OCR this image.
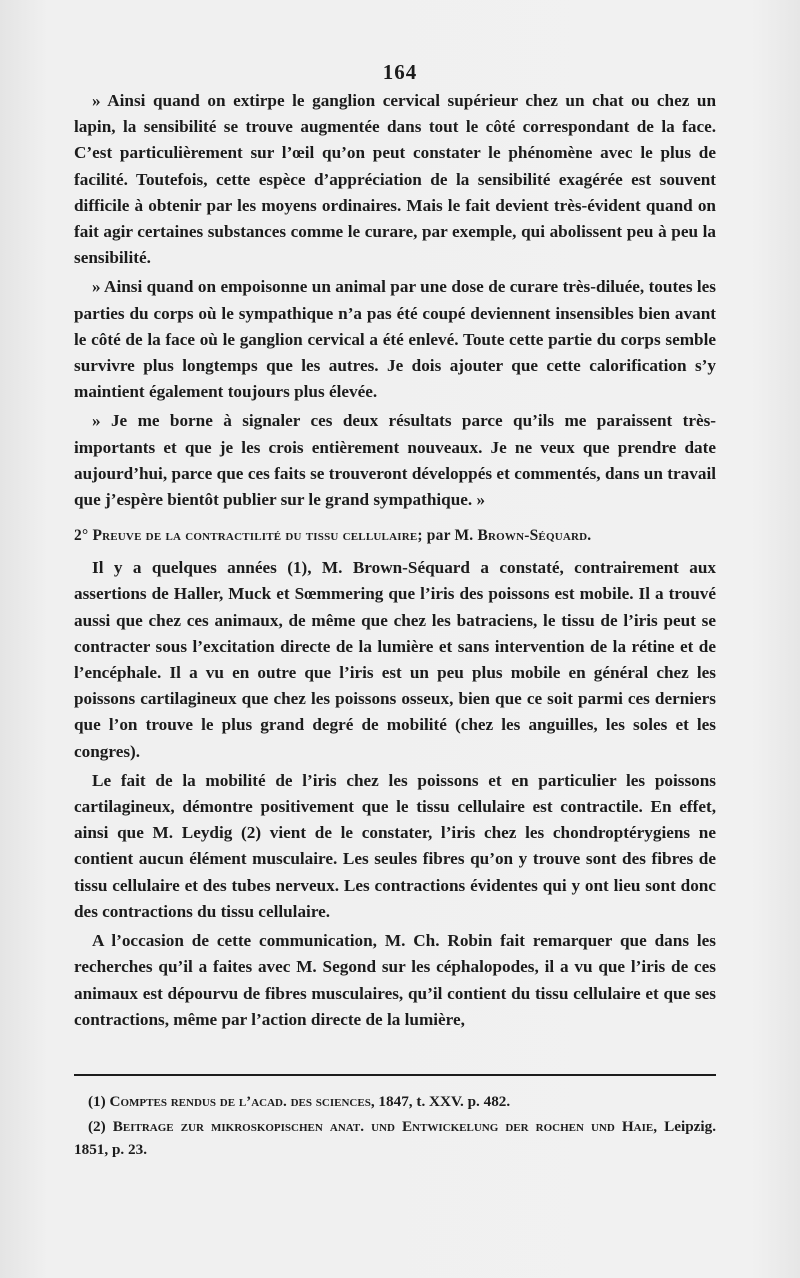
164

» Ainsi quand on extirpe le ganglion cervical supérieur chez un chat ou chez un lapin, la sensibilité se trouve augmentée dans tout le côté correspondant de la face. C’est particulièrement sur l’œil qu’on peut constater le phénomène avec le plus de facilité. Toutefois, cette espèce d’appréciation de la sensibilité exagérée est souvent difficile à obtenir par les moyens ordinaires. Mais le fait devient très-évident quand on fait agir certaines substances comme le curare, par exemple, qui abolissent peu à peu la sensibilité.

» Ainsi quand on empoisonne un animal par une dose de curare très-diluée, toutes les parties du corps où le sympathique n’a pas été coupé deviennent insensibles bien avant le côté de la face où le ganglion cervical a été enlevé. Toute cette partie du corps semble survivre plus longtemps que les autres. Je dois ajouter que cette calorification s’y maintient également toujours plus élevée.

» Je me borne à signaler ces deux résultats parce qu’ils me paraissent très-importants et que je les crois entièrement nouveaux. Je ne veux que prendre date aujourd’hui, parce que ces faits se trouveront développés et commentés, dans un travail que j’espère bientôt publier sur le grand sympathique. »

2° Preuve de la contractilité du tissu cellulaire; par M. Brown-Séquard.

Il y a quelques années (1), M. Brown-Séquard a constaté, contrairement aux assertions de Haller, Muck et Sœmmering que l’iris des poissons est mobile. Il a trouvé aussi que chez ces animaux, de même que chez les batraciens, le tissu de l’iris peut se contracter sous l’excitation directe de la lumière et sans intervention de la rétine et de l’encéphale. Il a vu en outre que l’iris est un peu plus mobile en général chez les poissons cartilagineux que chez les poissons osseux, bien que ce soit parmi ces derniers que l’on trouve le plus grand degré de mobilité (chez les anguilles, les soles et les congres).

Le fait de la mobilité de l’iris chez les poissons et en particulier les poissons cartilagineux, démontre positivement que le tissu cellulaire est contractile. En effet, ainsi que M. Leydig (2) vient de le constater, l’iris chez les chondroptérygiens ne contient aucun élément musculaire. Les seules fibres qu’on y trouve sont des fibres de tissu cellulaire et des tubes nerveux. Les contractions évidentes qui y ont lieu sont donc des contractions du tissu cellulaire.

A l’occasion de cette communication, M. Ch. Robin fait remarquer que dans les recherches qu’il a faites avec M. Segond sur les céphalopodes, il a vu que l’iris de ces animaux est dépourvu de fibres musculaires, qu’il contient du tissu cellulaire et que ses contractions, même par l’action directe de la lumière,

(1) Comptes rendus de l’acad. des sciences, 1847, t. XXV. p. 482.

(2) Beitrage zur mikroskopischen anat. und Entwickelung der rochen und Haie, Leipzig. 1851, p. 23.
